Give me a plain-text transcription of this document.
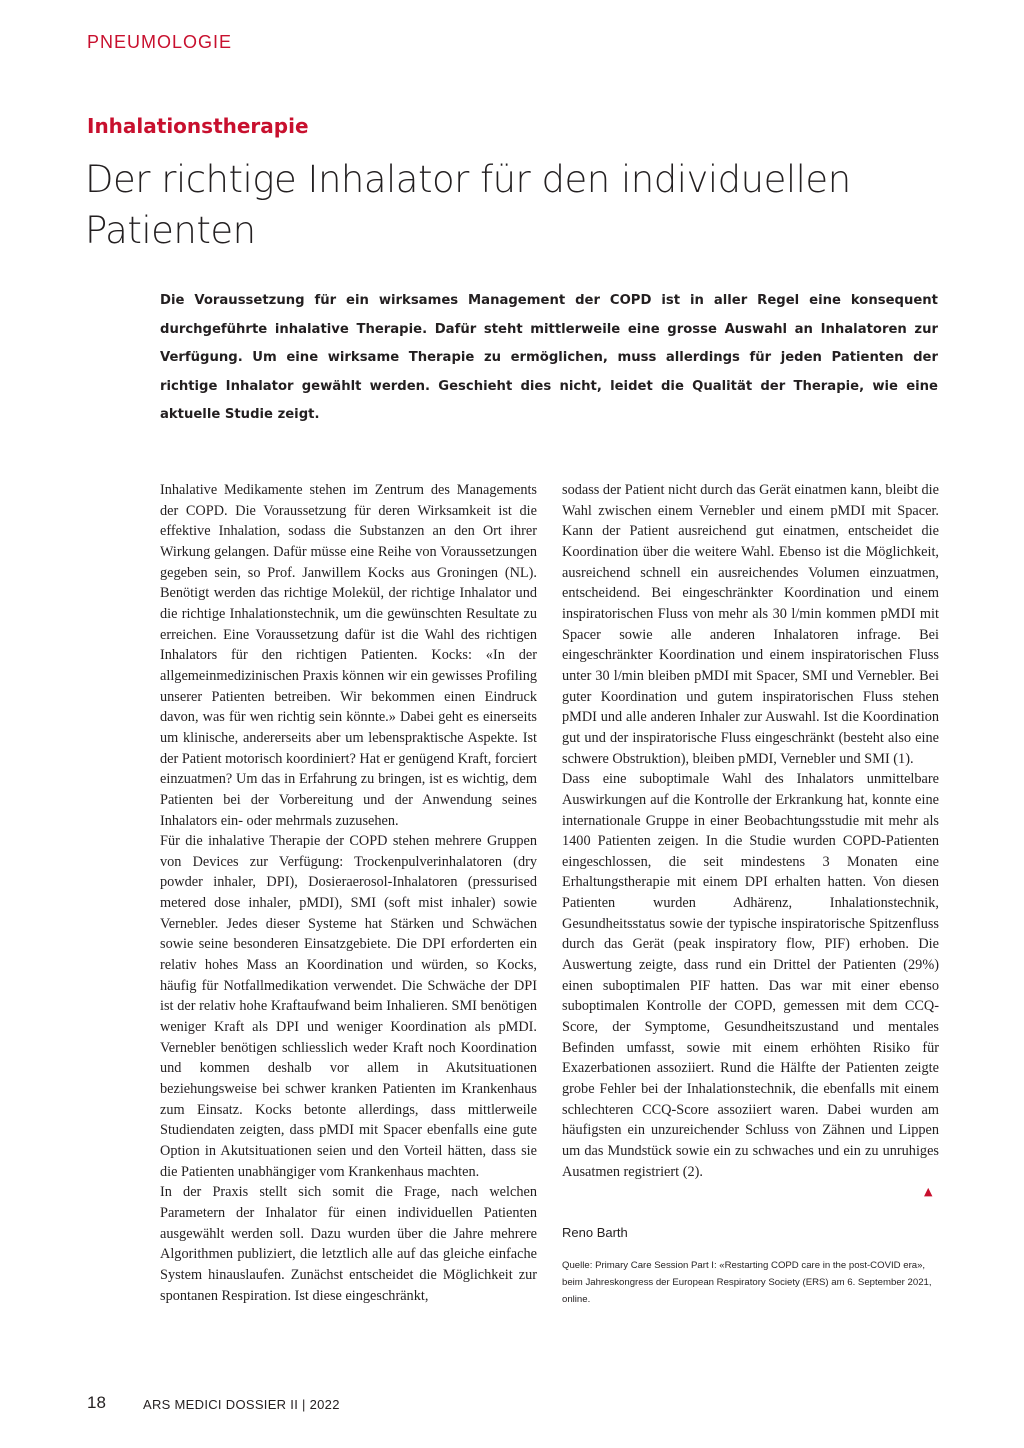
PNEUMOLOGIE
Inhalationstherapie
Der richtige Inhalator für den individuellen Patienten

Die Voraussetzung für ein wirksames Management der COPD ist in aller Regel eine konsequent durchgeführte inhalative Therapie. Dafür steht mittlerweile eine grosse Auswahl an Inhalatoren zur Verfügung. Um eine wirksame Therapie zu ermöglichen, muss allerdings für jeden Patienten der richtige Inhalator gewählt werden. Geschieht dies nicht, leidet die Qualität der Therapie, wie eine aktuelle Studie zeigt.

Inhalative Medikamente stehen im Zentrum des Managements der COPD. Die Voraussetzung für deren Wirksamkeit ist die effektive Inhalation, sodass die Substanzen an den Ort ihrer Wirkung gelangen. Dafür müsse eine Reihe von Voraussetzungen gegeben sein, so Prof. Janwillem Kocks aus Groningen (NL). Benötigt werden das richtige Molekül, der richtige Inhalator und die richtige Inhalationstechnik, um die gewünschten Resultate zu erreichen. Eine Voraussetzung dafür ist die Wahl des richtigen Inhalators für den richtigen Patienten. Kocks: «In der allgemeinmedizinischen Praxis können wir ein gewisses Profiling unserer Patienten betreiben. Wir bekommen einen Eindruck davon, was für wen richtig sein könnte.» Dabei geht es einerseits um klinische, andererseits aber um lebenspraktische Aspekte. Ist der Patient motorisch koordiniert? Hat er genügend Kraft, forciert einzuatmen? Um das in Erfahrung zu bringen, ist es wichtig, dem Patienten bei der Vorbereitung und der Anwendung seines Inhalators ein- oder mehrmals zuzusehen.

Für die inhalative Therapie der COPD stehen mehrere Gruppen von Devices zur Verfügung: Trockenpulverinhalatoren (dry powder inhaler, DPI), Dosieraerosol-Inhalatoren (pressurised metered dose inhaler, pMDI), SMI (soft mist inhaler) sowie Vernebler. Jedes dieser Systeme hat Stärken und Schwächen sowie seine besonderen Einsatzgebiete. Die DPI erforderten ein relativ hohes Mass an Koordination und würden, so Kocks, häufig für Notfallmedikation verwendet. Die Schwäche der DPI ist der relativ hohe Kraftaufwand beim Inhalieren. SMI benötigen weniger Kraft als DPI und weniger Koordination als pMDI. Vernebler benötigen schliesslich weder Kraft noch Koordination und kommen deshalb vor allem in Akutsituationen beziehungsweise bei schwer kranken Patienten im Krankenhaus zum Einsatz. Kocks betonte allerdings, dass mittlerweile Studiendaten zeigten, dass pMDI mit Spacer ebenfalls eine gute Option in Akutsituationen seien und den Vorteil hätten, dass sie die Patienten unabhängiger vom Krankenhaus machten.

In der Praxis stellt sich somit die Frage, nach welchen Parametern der Inhalator für einen individuellen Patienten ausgewählt werden soll. Dazu wurden über die Jahre mehrere Algorithmen publiziert, die letztlich alle auf das gleiche einfache System hinauslaufen. Zunächst entscheidet die Möglichkeit zur spontanen Respiration. Ist diese eingeschränkt,

sodass der Patient nicht durch das Gerät einatmen kann, bleibt die Wahl zwischen einem Vernebler und einem pMDI mit Spacer. Kann der Patient ausreichend gut einatmen, entscheidet die Koordination über die weitere Wahl. Ebenso ist die Möglichkeit, ausreichend schnell ein ausreichendes Volumen einzuatmen, entscheidend. Bei eingeschränkter Koordination und einem inspiratorischen Fluss von mehr als 30 l/min kommen pMDI mit Spacer sowie alle anderen Inhalatoren infrage. Bei eingeschränkter Koordination und einem inspiratorischen Fluss unter 30 l/min bleiben pMDI mit Spacer, SMI und Vernebler. Bei guter Koordination und gutem inspiratorischen Fluss stehen pMDI und alle anderen Inhaler zur Auswahl. Ist die Koordination gut und der inspiratorische Fluss eingeschränkt (besteht also eine schwere Obstruktion), bleiben pMDI, Vernebler und SMI (1).

Dass eine suboptimale Wahl des Inhalators unmittelbare Auswirkungen auf die Kontrolle der Erkrankung hat, konnte eine internationale Gruppe in einer Beobachtungsstudie mit mehr als 1400 Patienten zeigen. In die Studie wurden COPD-Patienten eingeschlossen, die seit mindestens 3 Monaten eine Erhaltungstherapie mit einem DPI erhalten hatten. Von diesen Patienten wurden Adhärenz, Inhalationstechnik, Gesundheitsstatus sowie der typische inspiratorische Spitzenfluss durch das Gerät (peak inspiratory flow, PIF) erhoben. Die Auswertung zeigte, dass rund ein Drittel der Patienten (29%) einen suboptimalen PIF hatten. Das war mit einer ebenso suboptimalen Kontrolle der COPD, gemessen mit dem CCQ-Score, der Symptome, Gesundheitszustand und mentales Befinden umfasst, sowie mit einem erhöhten Risiko für Exazerbationen assoziiert. Rund die Hälfte der Patienten zeigte grobe Fehler bei der Inhalationstechnik, die ebenfalls mit einem schlechteren CCQ-Score assoziiert waren. Dabei wurden am häufigsten ein unzureichender Schluss von Zähnen und Lippen um das Mundstück sowie ein zu schwaches und ein zu unruhiges Ausatmen registriert (2).

▲
Reno Barth
Quelle: Primary Care Session Part I: «Restarting COPD care in the post-COVID era», beim Jahreskongress der European Respiratory Society (ERS) am 6. September 2021, online.
18	ARS MEDICI DOSSIER II | 2022
